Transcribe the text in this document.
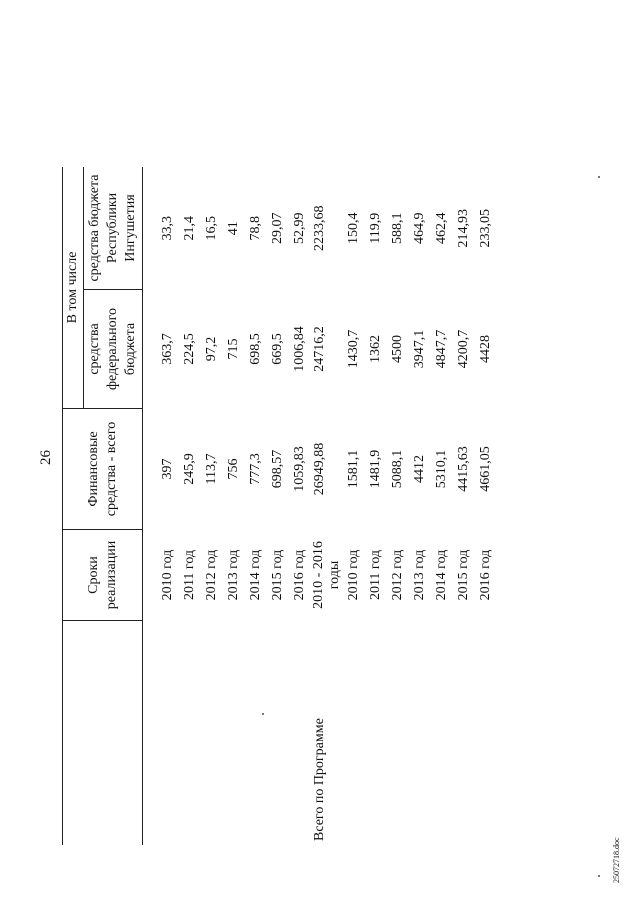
26
	Сроки реализации	Финансовые средства - всего	В том числе	
			средства федерального бюджета	средства бюджета Республики Ингушетия

	2010 год	397	363,7	33,3
	2011 год	245,9	224,5	21,4
	2012 год	113,7	97,2	16,5
	2013 год	756	715	41
	2014 год	777,3	698,5	78,8
	2015 год	698,57	669,5	29,07
	2016 год	1059,83	1006,84	52,99
Всего по Программе	2010 - 2016 годы	26949,88	24716,2	2233,68
	2010 год	1581,1	1430,7	150,4
	2011 год	1481,9	1362	119,9
	2012 год	5088,1	4500	588,1
	2013 год	4412	3947,1	464,9
	2014 год	5310,1	4847,7	462,4
	2015 год	4415,63	4200,7	214,93
	2016 год	4661,05	4428	233,05
25072718.doc
